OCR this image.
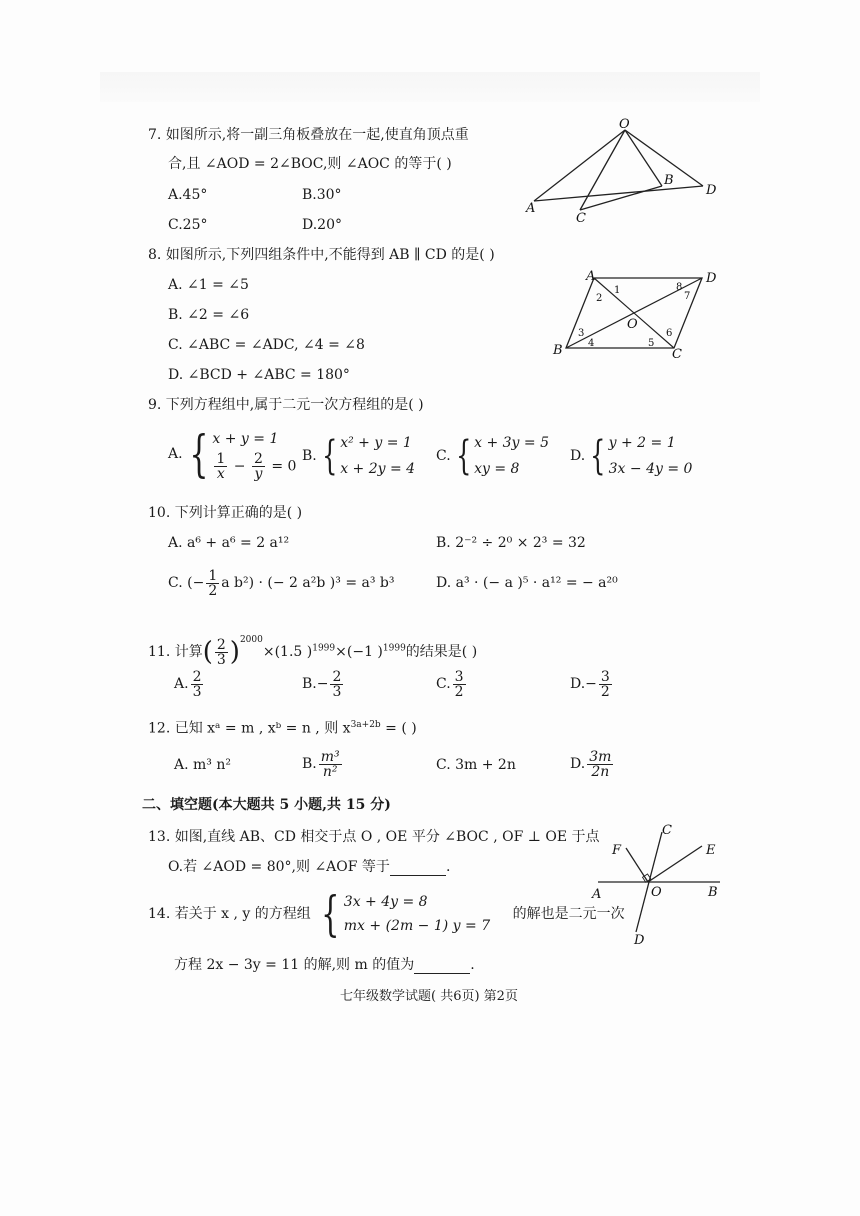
7. 如图所示,将一副三角板叠放在一起,使直角顶点重
合,且 ∠AOD = 2∠BOC,则 ∠AOC 的等于( )
A.45°	B.30°
C.25°	D.20°
O
A
B
C
D
8. 如图所示,下列四组条件中,不能得到 AB ∥ CD 的是( )
A. ∠1 = ∠5
B. ∠2 = ∠6
C. ∠ABC = ∠ADC, ∠4 = ∠8
D. ∠BCD + ∠ABC = 180°
A	D
B	C
O
1
2
3
4	5
6
7
8
9. 下列方程组中,属于二元一次方程组的是( )
A. { x + y = 1
$\frac{1}{x} - \frac{2}{y} = 0$
B. { x² + y = 1
x + 2y = 4
C. { x + 3y = 5
xy = 8
D. { y + 2 = 1
3x − 4y = 0
10. 下列计算正确的是( )
A. a⁶ + a⁶ = 2 a¹²	B. 2⁻² ÷ 2⁰ × 2³ = 32
C. (− $\frac{1}{2}$ a b²) · (− 2 a²b )³ = a³ b³	D. a³ · (− a )⁵ · a¹² = − a²⁰
11. 计算( $\frac{2}{3} )^{2000}\times(1.5$ )$^{1999}$×(−1 )$^{1999}$的结果是( )
A. $\frac{2}{3}$	$B.- \frac{2}{3}$	C. $\frac{3}{2}$	$D.- \frac{3}{2}$
12. 已知 xᵃ = m , xᵇ = n , 则 $x^{3a+2b}$ = ( )
A. m³ n²	B. $\frac{\text{m³}}{\text{n²}}$	C. 3m + 2n	D. $\frac{3m}{2n}$
二、填空题(本大题共 5 小题,共 15 分)
13. 如图,直线 AB、CD 相交于点 O , OE 平分 ∠BOC , OF ⊥ OE 于点
O.若 ∠AOD = 80°,则 ∠AOF 等于	.
A	B
C
D
E
F
O
14. 若关于 x , y 的方程组 { 3x + 4y = 8
mx + (2m − 1) y = 7
的解也是二元一次
方程 2x − 3y = 11 的解,则 m 的值为	.
七年级数学试题( 共6页) 第2页
